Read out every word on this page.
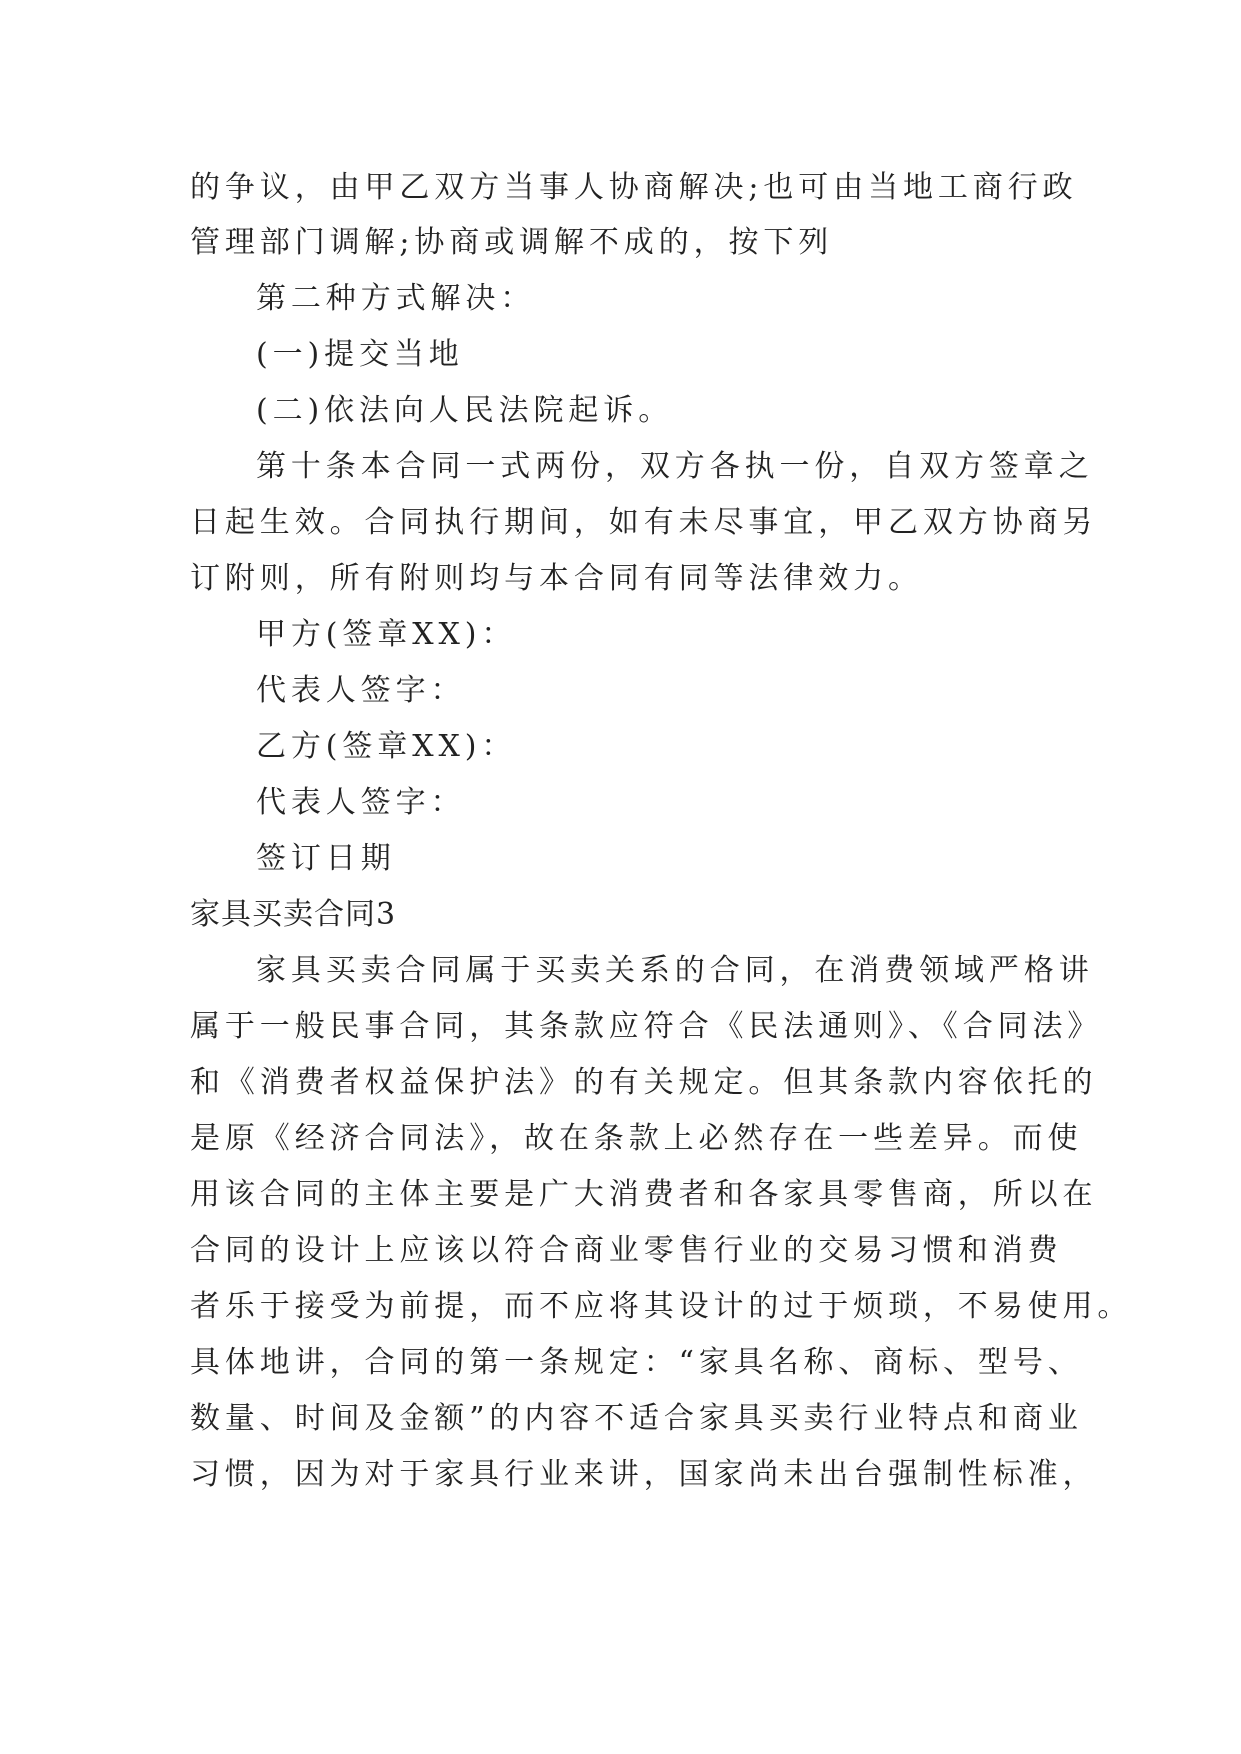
的争议，由甲乙双方当事人协商解决;也可由当地工商行政
管理部门调解;协商或调解不成的，按下列
第二种方式解决：
(一)提交当地
(二)依法向人民法院起诉。
第十条本合同一式两份，双方各执一份，自双方签章之
日起生效。合同执行期间，如有未尽事宜，甲乙双方协商另
订附则，所有附则均与本合同有同等法律效力。
甲方(签章XX)：
代表人签字：
乙方(签章XX)：
代表人签字：
签订日期
家具买卖合同3
家具买卖合同属于买卖关系的合同，在消费领域严格讲
属于一般民事合同，其条款应符合《民法通则》、《合同法》
和《消费者权益保护法》的有关规定。但其条款内容依托的
是原《经济合同法》，故在条款上必然存在一些差异。而使
用该合同的主体主要是广大消费者和各家具零售商，所以在
合同的设计上应该以符合商业零售行业的交易习惯和消费
者乐于接受为前提，而不应将其设计的过于烦琐，不易使用。
具体地讲，合同的第一条规定：“家具名称、商标、型号、
数量、时间及金额”的内容不适合家具买卖行业特点和商业
习惯，因为对于家具行业来讲，国家尚未出台强制性标准，
